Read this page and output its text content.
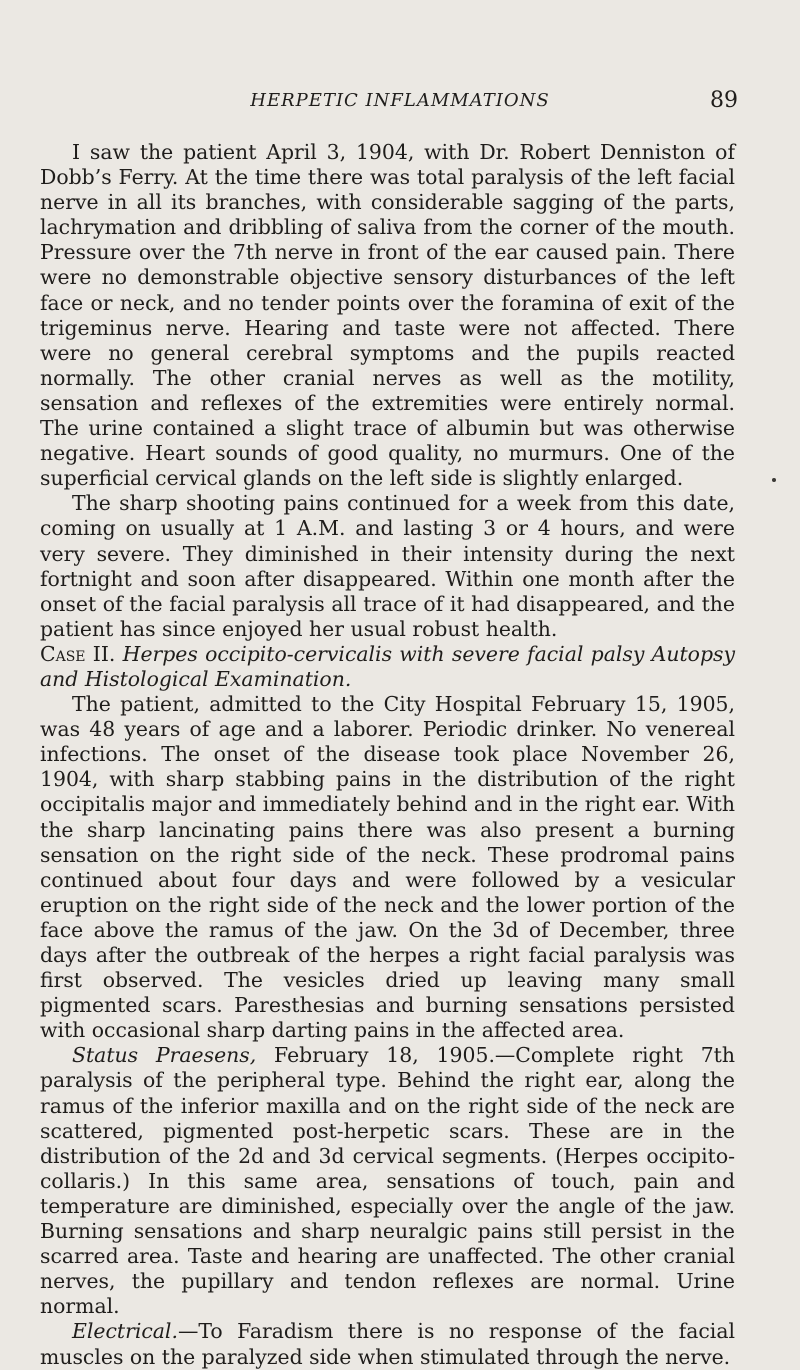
HERPETIC INFLAMMATIONS	89

I saw the patient April 3, 1904, with Dr. Robert Denniston of Dobb’s Ferry. At the time there was total paralysis of the left facial nerve in all its branches, with considerable sagging of the parts, lachrymation and dribbling of saliva from the corner of the mouth. Pressure over the 7th nerve in front of the ear caused pain. There were no demonstrable objective sensory disturbances of the left face or neck, and no tender points over the foramina of exit of the trigeminus nerve. Hearing and taste were not affected. There were no general cerebral symptoms and the pupils reacted normally. The other cranial nerves as well as the motility, sensation and reflexes of the extremities were entirely normal. The urine contained a slight trace of albumin but was otherwise negative. Heart sounds of good quality, no murmurs. One of the superficial cervical glands on the left side is slightly enlarged.

The sharp shooting pains continued for a week from this date, coming on usually at 1 A.M. and lasting 3 or 4 hours, and were very severe. They diminished in their intensity during the next fortnight and soon after disappeared. Within one month after the onset of the facial paralysis all trace of it had disappeared, and the patient has since enjoyed her usual robust health.

Case II. Herpes occipito-cervicalis with severe facial palsy Autopsy and Histological Examination.

The patient, admitted to the City Hospital February 15, 1905, was 48 years of age and a laborer. Periodic drinker. No venereal infections. The onset of the disease took place November 26, 1904, with sharp stabbing pains in the distribution of the right occipitalis major and immediately behind and in the right ear. With the sharp lancinating pains there was also present a burning sensation on the right side of the neck. These prodromal pains continued about four days and were followed by a vesicular eruption on the right side of the neck and the lower portion of the face above the ramus of the jaw. On the 3d of December, three days after the outbreak of the herpes a right facial paralysis was first observed. The vesicles dried up leaving many small pigmented scars. Paresthesias and burning sensations persisted with occasional sharp darting pains in the affected area.

Status Praesens, February 18, 1905.—Complete right 7th paralysis of the peripheral type. Behind the right ear, along the ramus of the inferior maxilla and on the right side of the neck are scattered, pigmented post-herpetic scars. These are in the distribution of the 2d and 3d cervical segments. (Herpes occipito-collaris.) In this same area, sensations of touch, pain and temperature are diminished, especially over the angle of the jaw. Burning sensations and sharp neuralgic pains still persist in the scarred area. Taste and hearing are unaffected. The other cranial nerves, the pupillary and tendon reflexes are normal. Urine normal.

Electrical.—To Faradism there is no response of the facial muscles on the paralyzed side when stimulated through the nerve.
